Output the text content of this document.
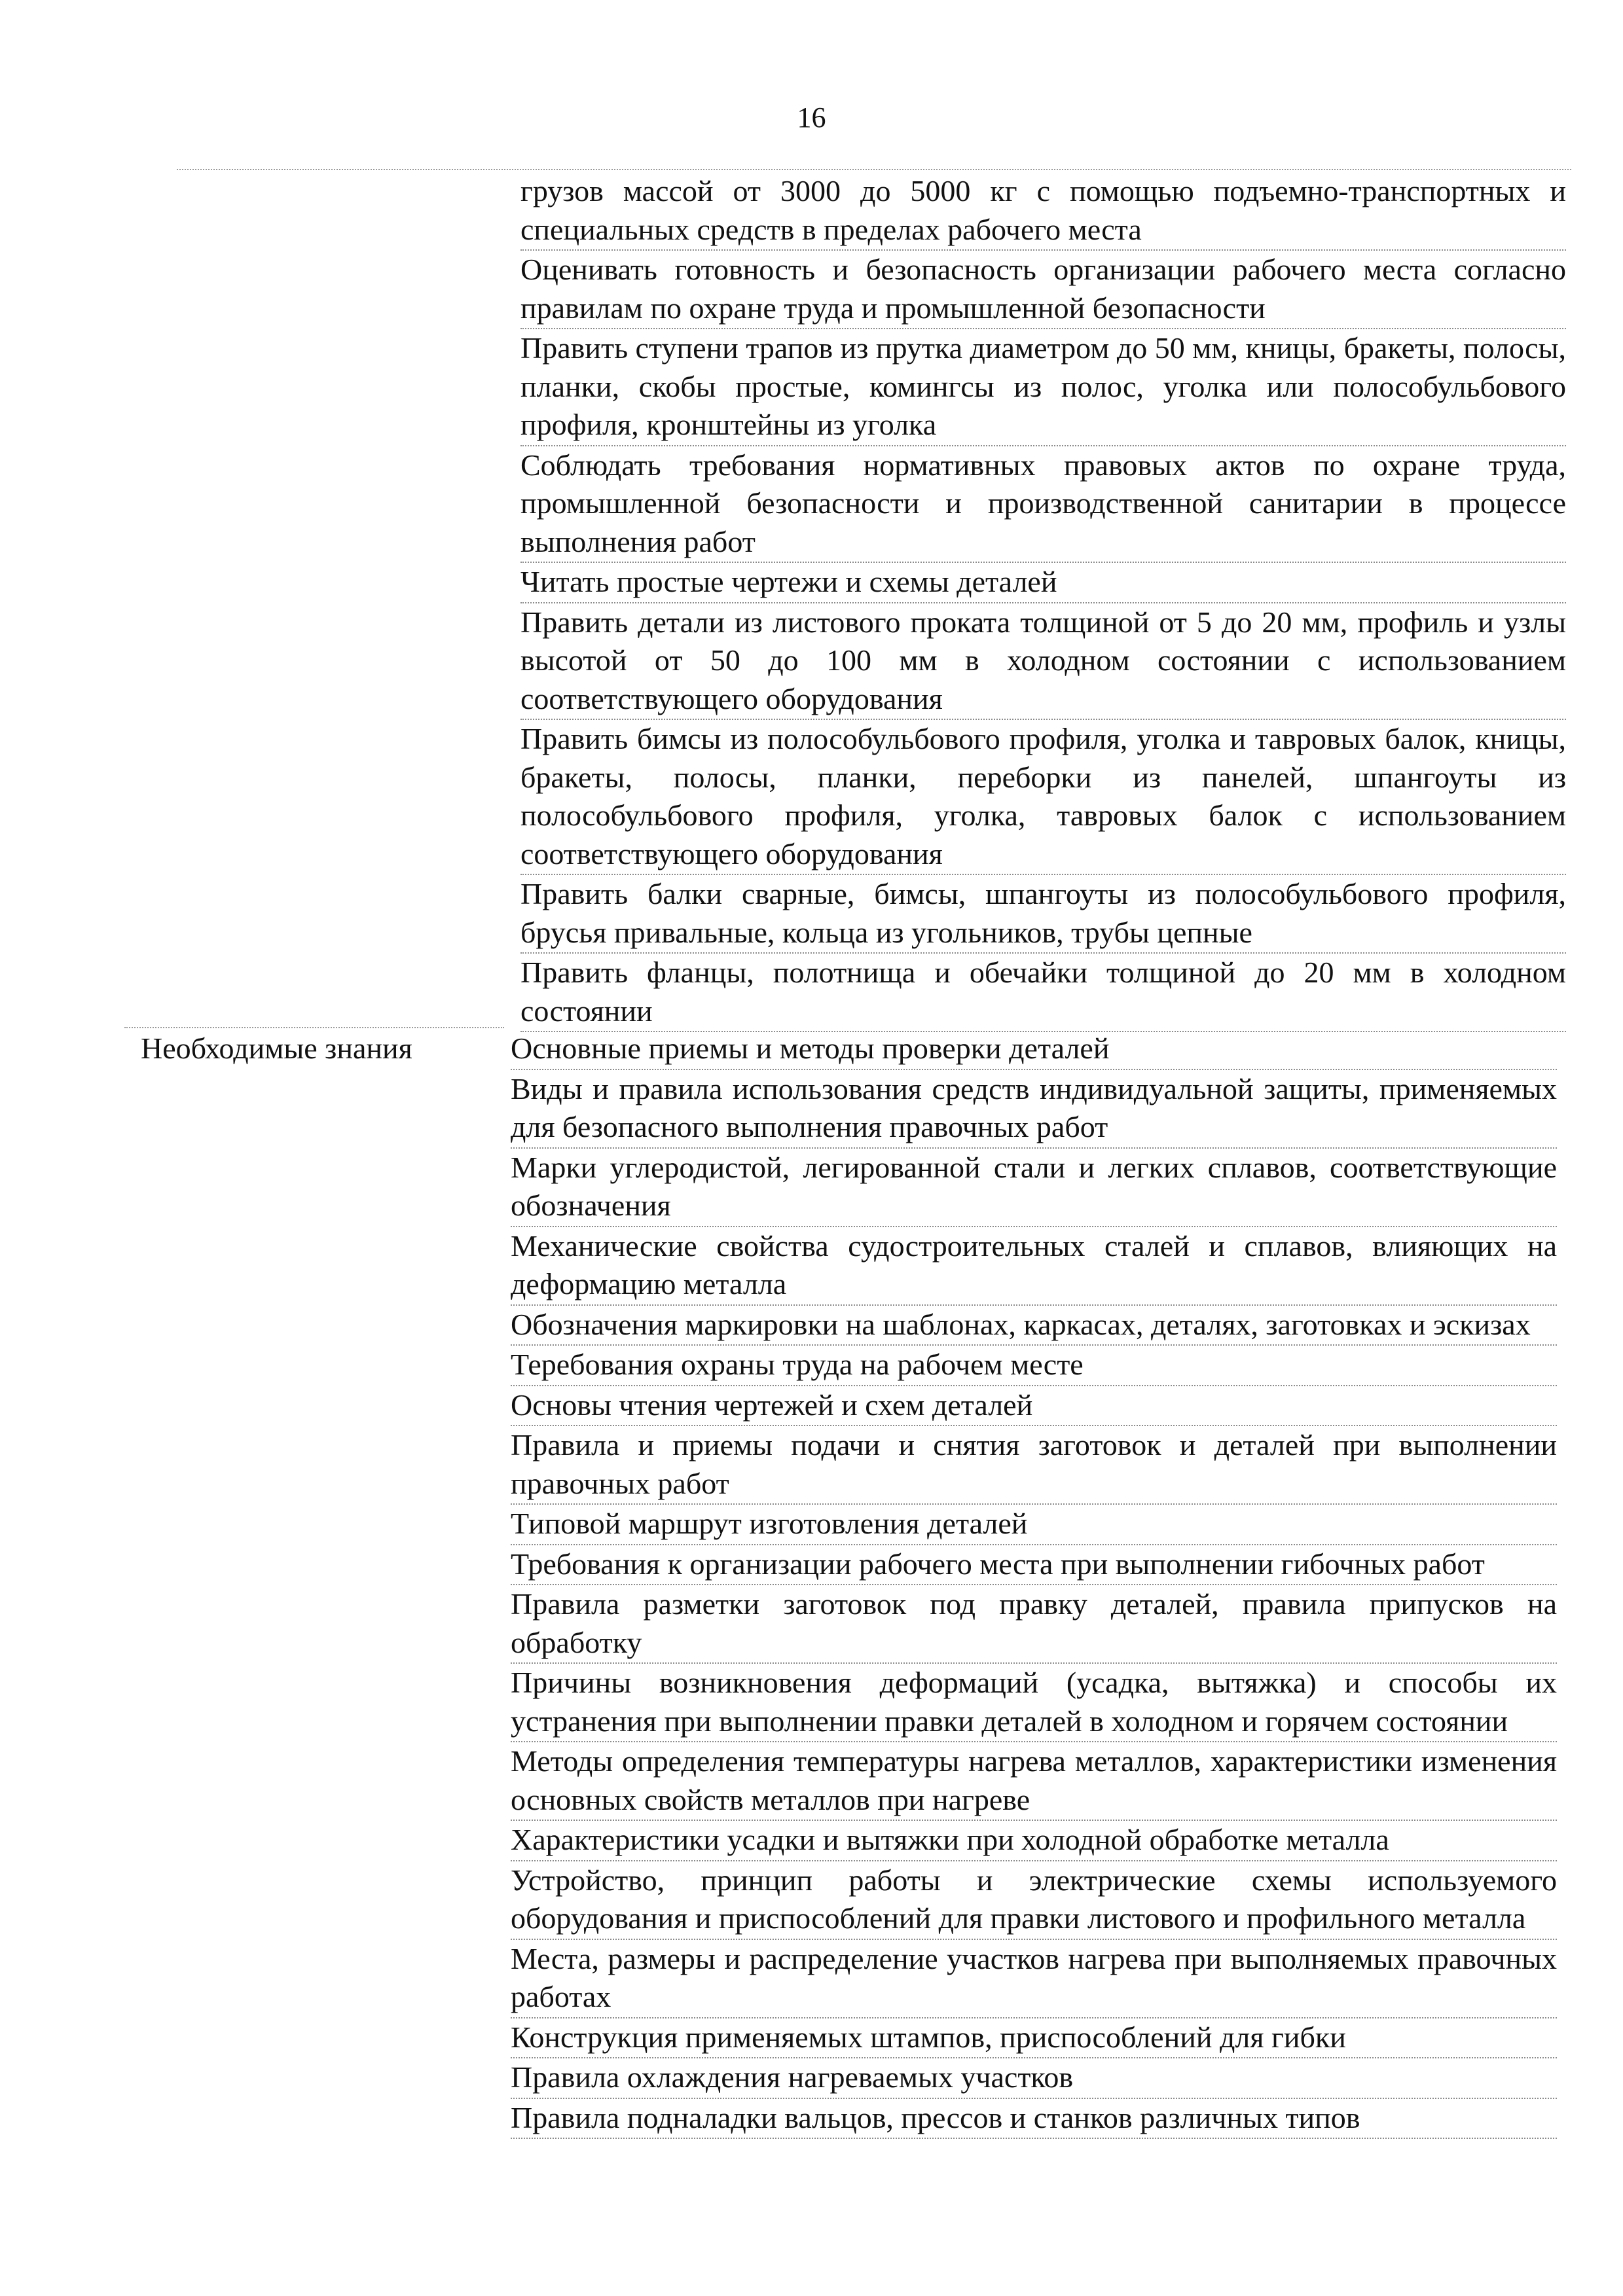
16
грузов массой от 3000 до 5000 кг с помощью подъемно-транспортных и специальных средств в пределах рабочего места
Оценивать готовность и безопасность организации рабочего места согласно правилам по охране труда и промышленной безопасности
Править ступени трапов из прутка диаметром до 50 мм, кницы, бракеты, полосы, планки, скобы простые, комингсы из полос, уголка или полособульбового профиля, кронштейны из уголка
Соблюдать требования нормативных правовых актов по охране труда, промышленной безопасности и производственной санитарии в процессе выполнения работ
Читать простые чертежи и схемы деталей
Править детали из листового проката толщиной от 5 до 20 мм, профиль и узлы высотой от 50 до 100 мм в холодном состоянии с использованием соответствующего оборудования
Править бимсы из полособульбового профиля, уголка и тавровых балок, кницы, бракеты, полосы, планки, переборки из панелей, шпангоуты из полособульбового профиля, уголка, тавровых балок с использованием соответствующего оборудования
Править балки сварные, бимсы, шпангоуты из полособульбового профиля, брусья привальные, кольца из угольников, трубы цепные
Править фланцы, полотнища и обечайки толщиной до 20 мм в холодном состоянии
Необходимые знания	Основные приемы и методы проверки деталей
Виды и правила использования средств индивидуальной защиты, применяемых для безопасного выполнения правочных работ
Марки углеродистой, легированной стали и легких сплавов, соответствующие обозначения
Механические свойства судостроительных сталей и сплавов, влияющих на деформацию металла
Обозначения маркировки на шаблонах, каркасах, деталях, заготовках и эскизах
Теребования охраны труда на рабочем месте
Основы чтения чертежей и схем деталей
Правила и приемы подачи и снятия заготовок и деталей при выполнении правочных работ
Типовой маршрут изготовления деталей
Требования к организации рабочего места при выполнении гибочных работ
Правила разметки заготовок под правку деталей, правила припусков на обработку
Причины возникновения деформаций (усадка, вытяжка) и способы их устранения при выполнении правки деталей в холодном и горячем состоянии
Методы определения температуры нагрева металлов, характеристики изменения основных свойств металлов при нагреве
Характеристики усадки и вытяжки при холодной обработке металла
Устройство, принцип работы и электрические схемы используемого оборудования и приспособлений для правки листового и профильного металла
Места, размеры и распределение участков нагрева при выполняемых правочных работах
Конструкция применяемых штампов, приспособлений для гибки
Правила охлаждения нагреваемых участков
Правила подналадки вальцов, прессов и станков различных типов
